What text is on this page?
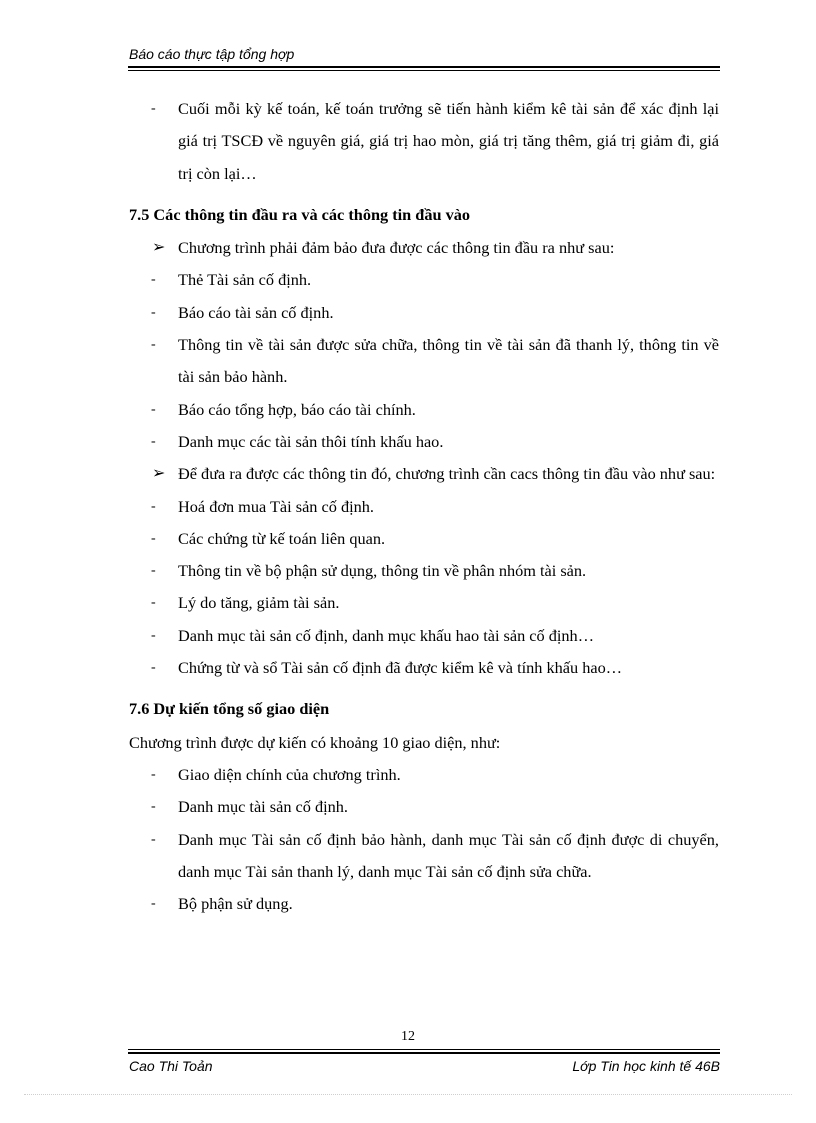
Báo cáo thực tập tổng hợp
-	Cuối mỗi kỳ kế toán, kế toán trưởng sẽ tiến hành kiểm kê tài sản để xác định lại giá trị TSCĐ về nguyên giá, giá trị hao mòn, giá trị tăng thêm, giá trị giảm đi, giá trị còn lại…
7.5 Các thông tin đầu ra và các thông tin đầu vào
➢ Chương trình phải đảm bảo đưa được các thông tin đầu ra như sau:
-	Thẻ Tài sản cố định.
-	Báo cáo tài sản cố định.
-	Thông tin về tài sản được sửa chữa, thông tin về tài sản đã thanh lý, thông tin về tài sản bảo hành.
-	Báo cáo tổng hợp, báo cáo tài chính.
-	Danh mục các tài sản thôi tính khấu hao.
➢ Để đưa ra được các thông tin đó, chương trình cần cacs thông tin đầu vào như sau:
-	Hoá đơn mua Tài sản cố định.
-	Các chứng từ kế toán liên quan.
-	Thông tin về bộ phận sử dụng, thông tin về phân nhóm tài sản.
-	Lý do tăng, giảm tài sản.
-	Danh mục tài sản cố định, danh mục khấu hao tài sản cố định…
-	Chứng từ và sổ Tài sản cố định đã được kiểm kê và tính khấu hao…
7.6 Dự kiến tổng số giao diện
Chương trình được dự kiến có khoảng 10 giao diện, như:
-	Giao diện chính của chương trình.
-	Danh mục tài sản cố định.
-	Danh mục Tài sản cố định bảo hành, danh mục Tài sản cố định được di chuyển, danh mục Tài sản thanh lý, danh mục Tài sản cố định sửa chữa.
-	Bộ phận sử dụng.
12
Cao Thi Toản	Lớp Tin học kinh tế 46B
